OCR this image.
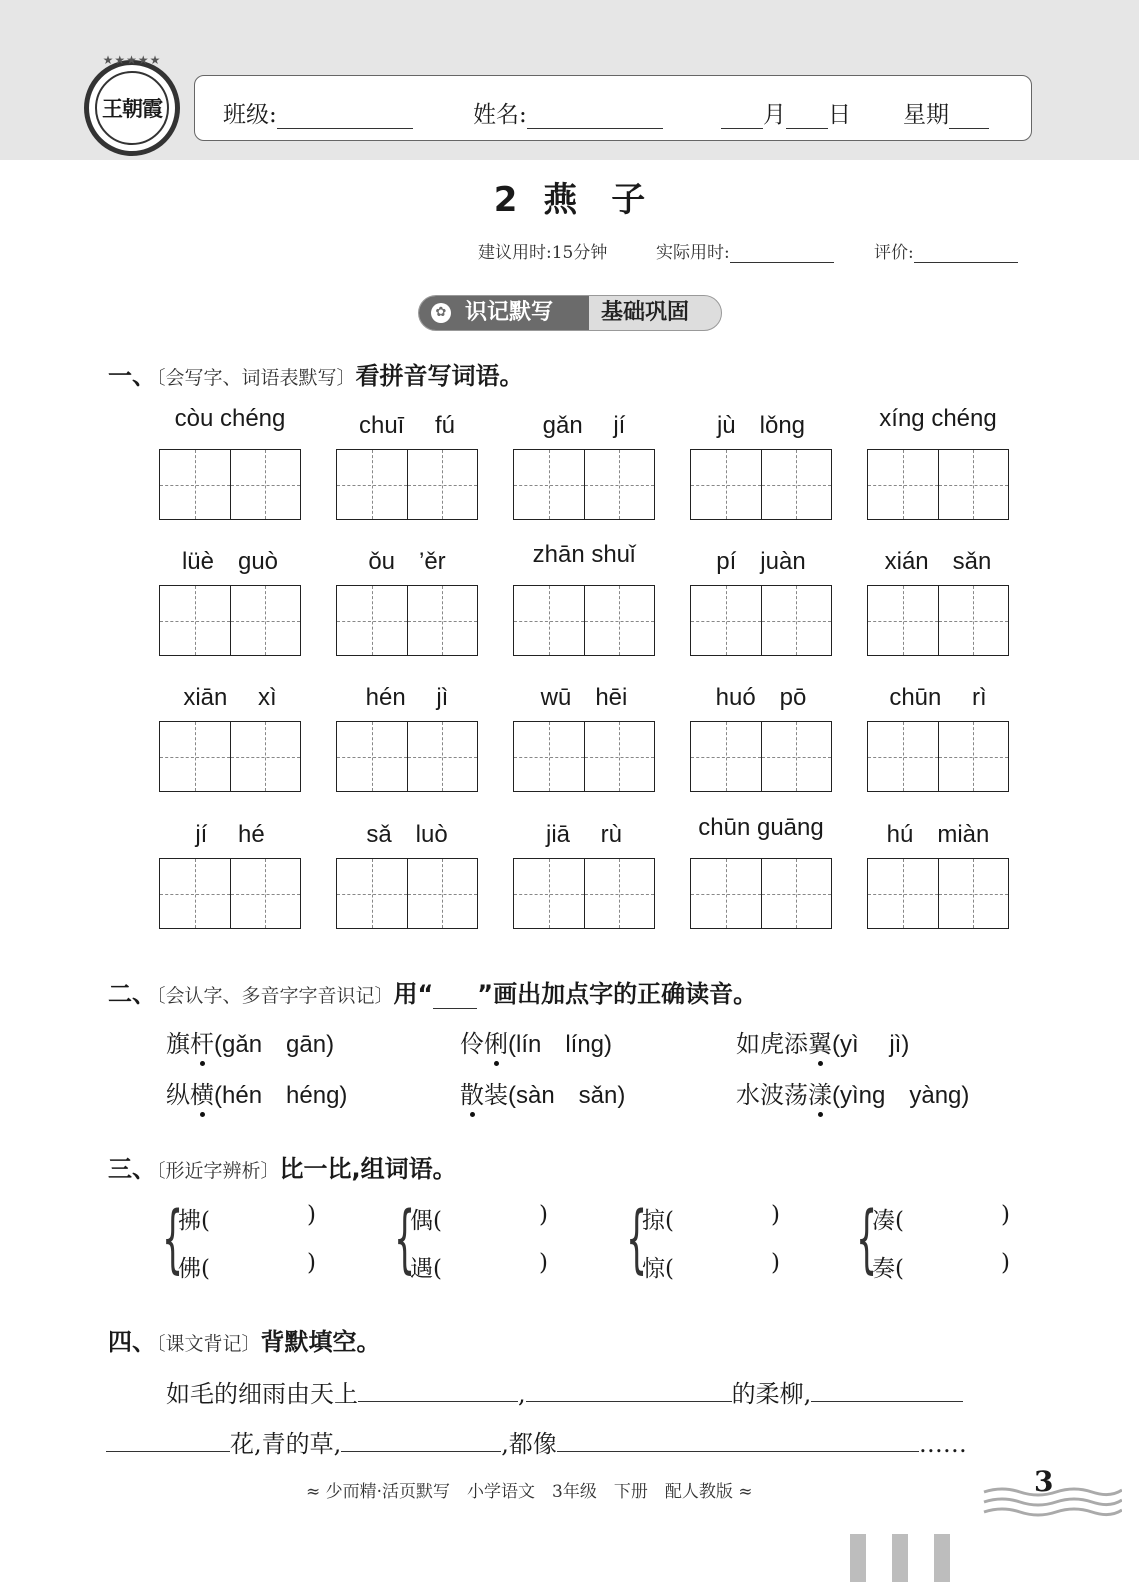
★★★★★
王朝霞	班级:	姓名:	月 日 星期
2 燕　子
建议用时:15分钟	实际用时:	评价:
✿ 识记默写	基础巩固
一、〔会写字、词语表默写〕看拼音写词语。
còu chéng	chuī　 fú	gǎn　 jí	jù　lǒng	xíng chéng
lüè　guò	ǒu　’ěr	zhān shuǐ	pí　juàn	xián　sǎn
xiān　 xì	hén　 jì	wū　hēi	huó　pō	chūn　 rì
jí　 hé	sǎ　luò	jiā　 rù	chūn guāng	hú　miàn
二、〔会认字、多音字字音识记〕用“ ”画出加点字的正确读音。
旗杆(gǎn　gān)	伶俐(lín　líng)	如虎添翼(yì　 jì)
纵横(hén　héng)	散装(sàn　sǎn)	水波荡漾(yìng　yàng)
三、〔形近字辨析〕比一比,组词语。
{
拂(	)
佛(	) {
偶(	)
遇(	) {
掠(	)
惊(	) {
凑(	)
奏(	)
四、〔课文背记〕背默填空。
如毛的细雨由天上	,	的柔柳,
花,青的草,	,都像	……
≈ 少而精·活页默写　小学语文　3年级　下册　配人教版 ≈	3
